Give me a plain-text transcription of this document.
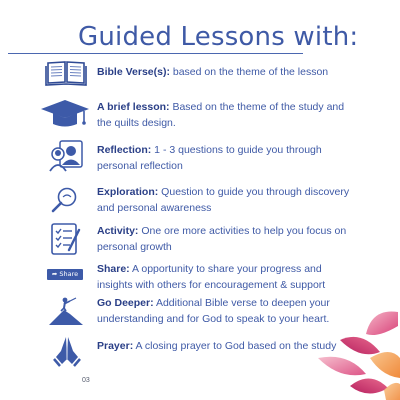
Guided Lessons with:
Bible Verse(s): based on the theme of the lesson
A brief lesson: Based on the theme of the study and the quilts design.
Reflection: 1 - 3 questions to guide you through personal reflection
Exploration: Question to guide you through discovery and personal awareness
Activity: One ore more activities to help you focus on personal growth
➦ Share	Share: A opportunity to share your progress and insights with others for encouragement & support
Go Deeper: Additional Bible verse to deepen your understanding and for God to speak to your heart.
Prayer: A closing prayer to God based on the study
03
